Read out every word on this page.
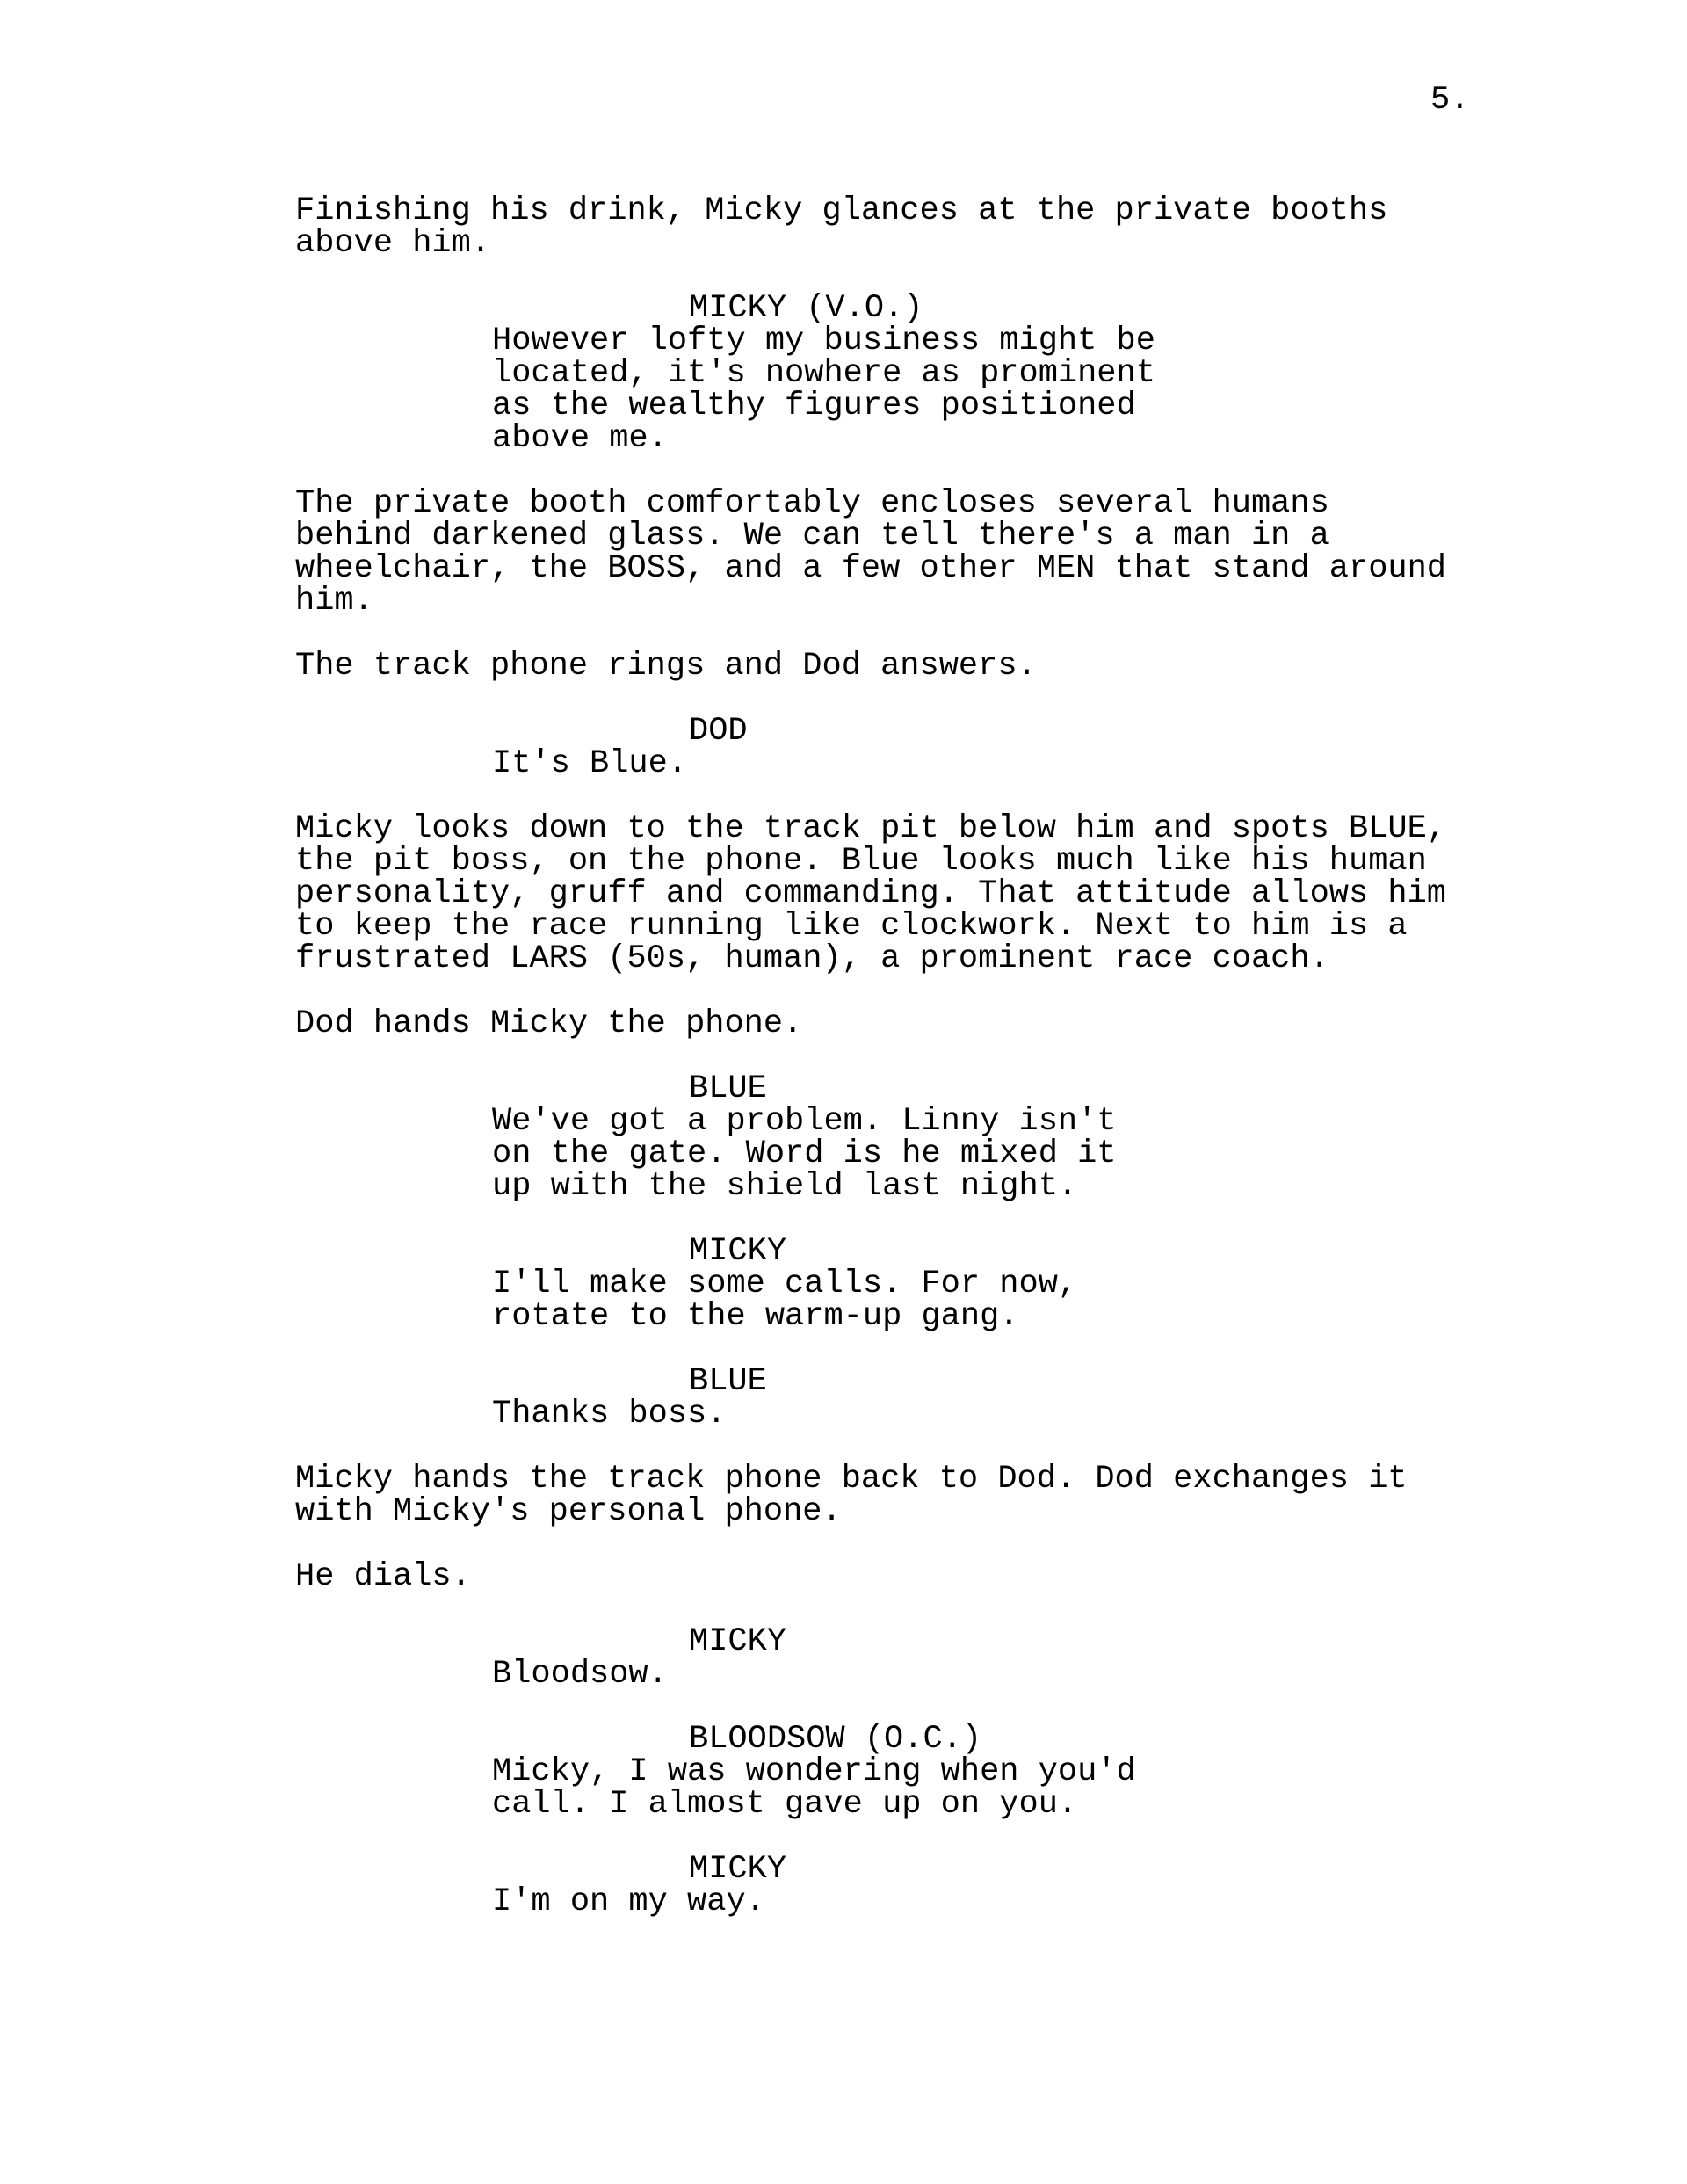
5.
Finishing his drink, Micky glances at the private booths
above him.
MICKY (V.O.)
However lofty my business might be
located, it's nowhere as prominent
as the wealthy figures positioned
above me.
The private booth comfortably encloses several humans
behind darkened glass. We can tell there's a man in a
wheelchair, the BOSS, and a few other MEN that stand around
him.
The track phone rings and Dod answers.
DOD
It's Blue.
Micky looks down to the track pit below him and spots BLUE,
the pit boss, on the phone. Blue looks much like his human
personality, gruff and commanding. That attitude allows him
to keep the race running like clockwork. Next to him is a
frustrated LARS (50s, human), a prominent race coach.
Dod hands Micky the phone.
BLUE
We've got a problem. Linny isn't
on the gate. Word is he mixed it
up with the shield last night.
MICKY
I'll make some calls. For now,
rotate to the warm-up gang.
BLUE
Thanks boss.
Micky hands the track phone back to Dod. Dod exchanges it
with Micky's personal phone.
He dials.
MICKY
Bloodsow.
BLOODSOW (O.C.)
Micky, I was wondering when you'd
call. I almost gave up on you.
MICKY
I'm on my way.
